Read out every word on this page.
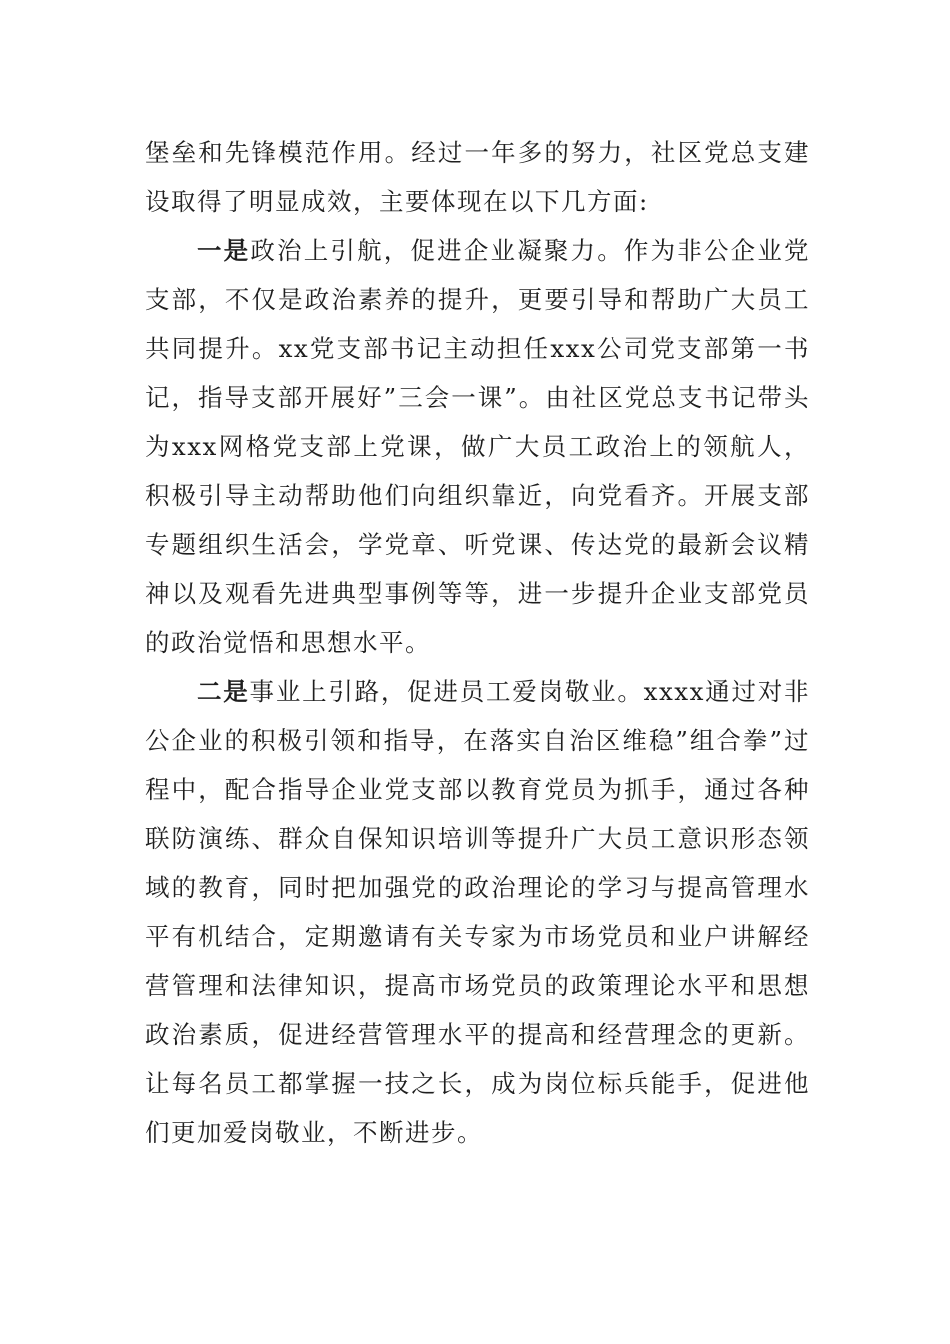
堡垒和先锋模范作用。经过一年多的努力，社区党总支建设取得了明显成效，主要体现在以下几方面:

一是政治上引航，促进企业凝聚力。作为非公企业党支部，不仅是政治素养的提升，更要引导和帮助广大员工共同提升。xx党支部书记主动担任xxx公司党支部第一书记，指导支部开展好”三会一课”。由社区党总支书记带头为xxx网格党支部上党课，做广大员工政治上的领航人，积极引导主动帮助他们向组织靠近，向党看齐。开展支部专题组织生活会，学党章、听党课、传达党的最新会议精神以及观看先进典型事例等等，进一步提升企业支部党员的政治觉悟和思想水平。

二是事业上引路，促进员工爱岗敬业。xxxx通过对非公企业的积极引领和指导，在落实自治区维稳”组合拳”过程中，配合指导企业党支部以教育党员为抓手，通过各种联防演练、群众自保知识培训等提升广大员工意识形态领域的教育，同时把加强党的政治理论的学习与提高管理水平有机结合，定期邀请有关专家为市场党员和业户讲解经营管理和法律知识，提高市场党员的政策理论水平和思想政治素质，促进经营管理水平的提高和经营理念的更新。让每名员工都掌握一技之长，成为岗位标兵能手，促进他们更加爱岗敬业，不断进步。
